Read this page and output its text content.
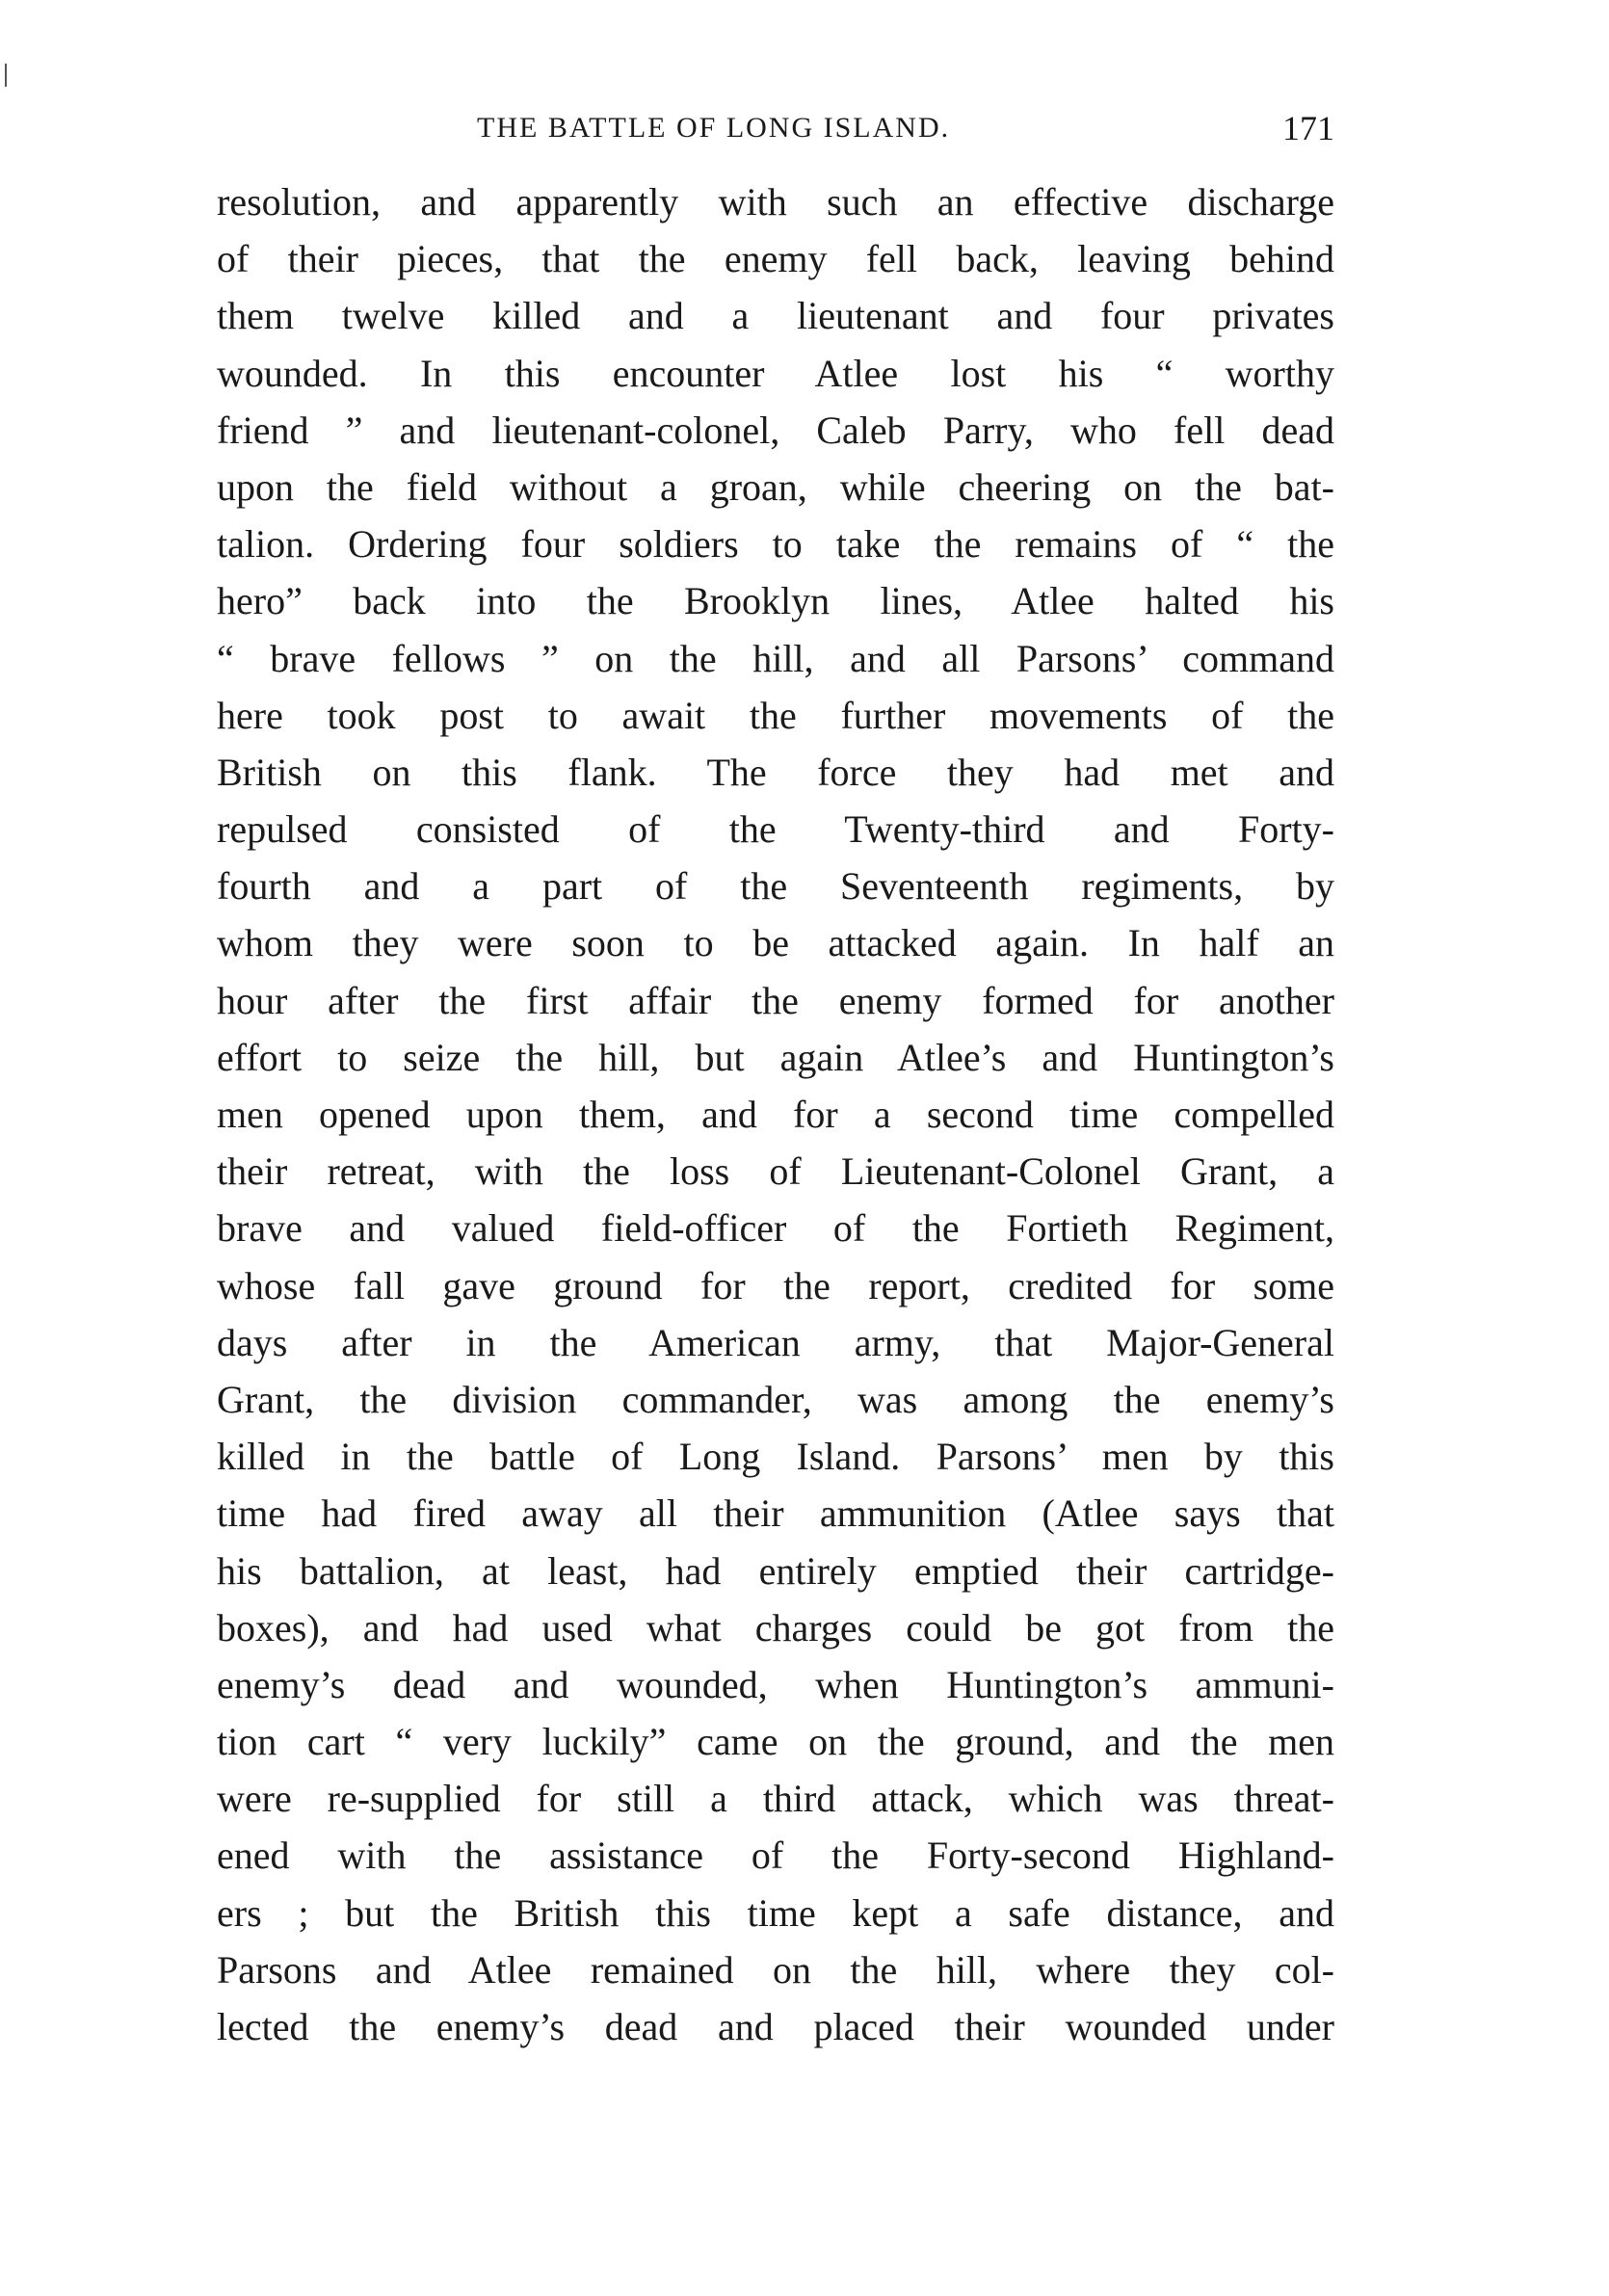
THE BATTLE OF LONG ISLAND.	171
resolution, and apparently with such an effective discharge
of their pieces, that the enemy fell back, leaving behind
them twelve killed and a lieutenant and four privates
wounded. In this encounter Atlee lost his “ worthy
friend ” and lieutenant-colonel, Caleb Parry, who fell dead
upon the field without a groan, while cheering on the bat-
talion. Ordering four soldiers to take the remains of “ the
hero” back into the Brooklyn lines, Atlee halted his
“ brave fellows ” on the hill, and all Parsons’ command
here took post to await the further movements of the
British on this flank. The force they had met and
repulsed consisted of the Twenty-third and Forty-
fourth and a part of the Seventeenth regiments, by
whom they were soon to be attacked again. In half an
hour after the first affair the enemy formed for another
effort to seize the hill, but again Atlee’s and Huntington’s
men opened upon them, and for a second time compelled
their retreat, with the loss of Lieutenant-Colonel Grant, a
brave and valued field-officer of the Fortieth Regiment,
whose fall gave ground for the report, credited for some
days after in the American army, that Major-General
Grant, the division commander, was among the enemy’s
killed in the battle of Long Island. Parsons’ men by this
time had fired away all their ammunition (Atlee says that
his battalion, at least, had entirely emptied their cartridge-
boxes), and had used what charges could be got from the
enemy’s dead and wounded, when Huntington’s ammuni-
tion cart “ very luckily” came on the ground, and the men
were re-supplied for still a third attack, which was threat-
ened with the assistance of the Forty-second Highland-
ers ; but the British this time kept a safe distance, and
Parsons and Atlee remained on the hill, where they col-
lected the enemy’s dead and placed their wounded under
